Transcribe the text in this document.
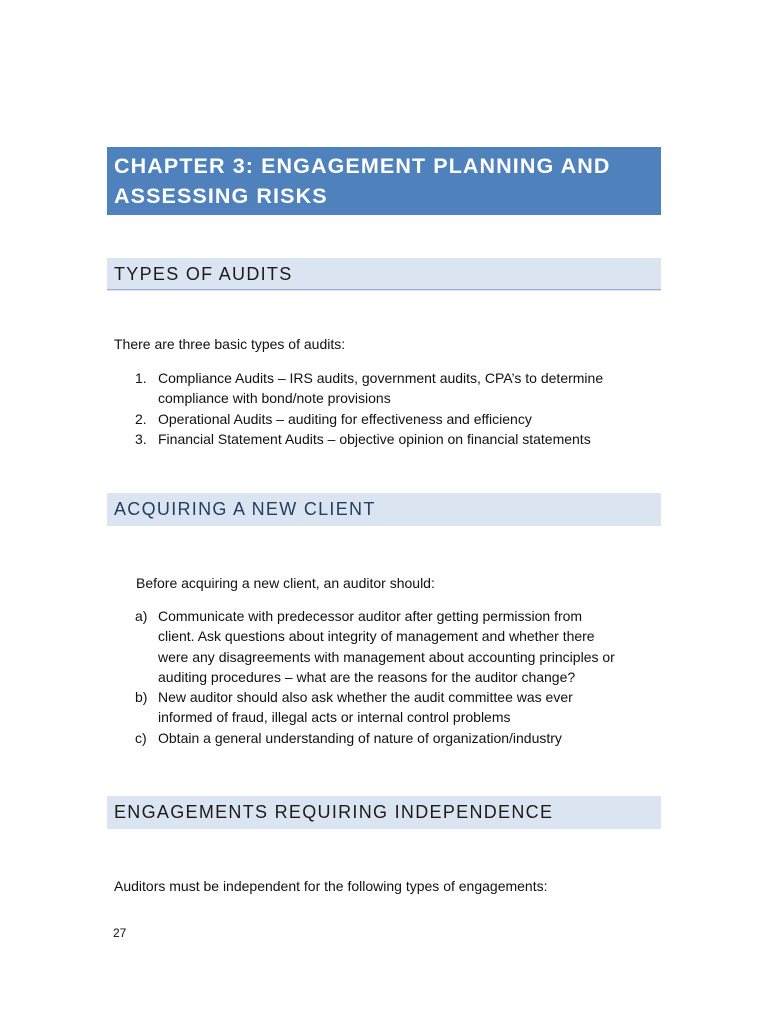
CHAPTER 3: ENGAGEMENT PLANNING AND
ASSESSING RISKS
TYPES OF AUDITS

There are three basic types of audits:

1. Compliance Audits – IRS audits, government audits, CPA’s to determine
compliance with bond/note provisions
2. Operational Audits – auditing for effectiveness and efficiency
3. Financial Statement Audits – objective opinion on financial statements
ACQUIRING A NEW CLIENT

Before acquiring a new client, an auditor should:

a) Communicate with predecessor auditor after getting permission from
client. Ask questions about integrity of management and whether there
were any disagreements with management about accounting principles or
auditing procedures – what are the reasons for the auditor change?
b) New auditor should also ask whether the audit committee was ever
informed of fraud, illegal acts or internal control problems
c) Obtain a general understanding of nature of organization/industry
ENGAGEMENTS REQUIRING INDEPENDENCE

Auditors must be independent for the following types of engagements:

27
